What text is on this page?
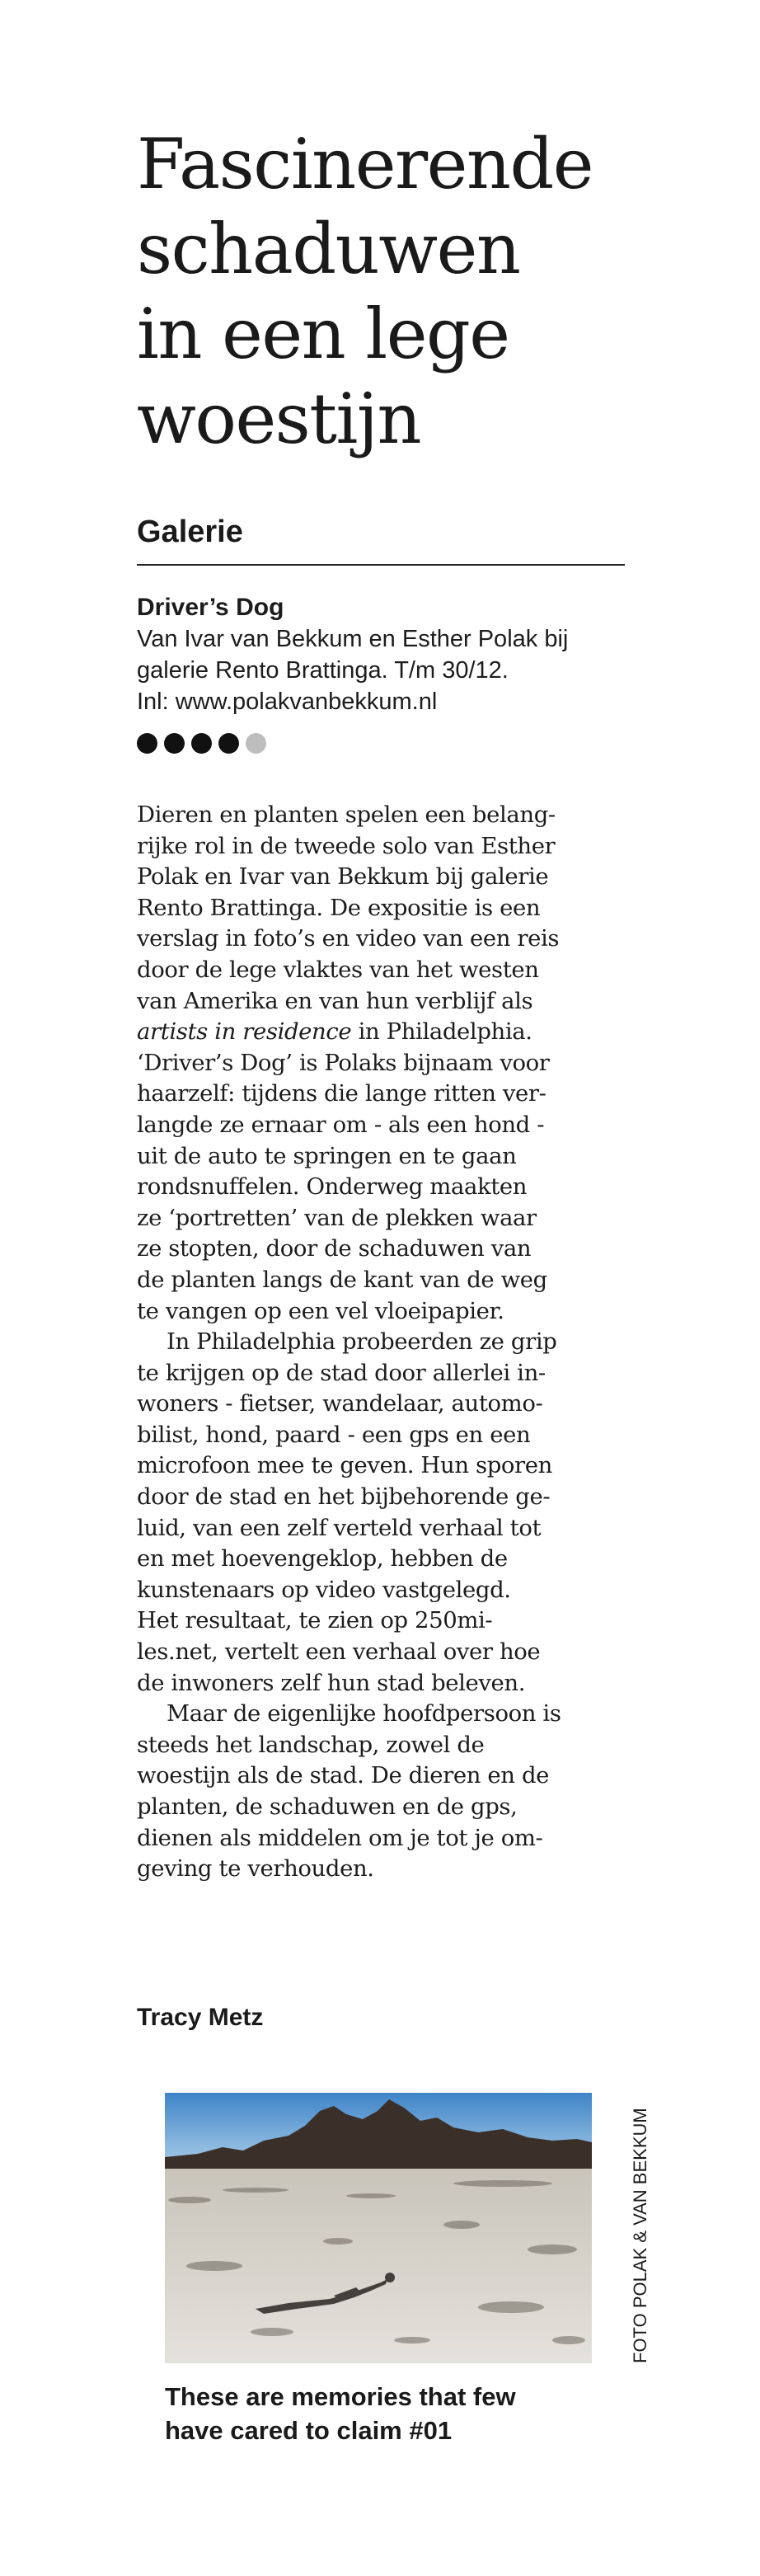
Fascinerende
schaduwen
in een lege
woestijn
Galerie
Driver’s Dog
Van Ivar van Bekkum en Esther Polak bij
galerie Rento Brattinga. T/m 30/12.
Inl: www.polakvanbekkum.nl
Dieren en planten spelen een belang-
rijke rol in de tweede solo van Esther
Polak en Ivar van Bekkum bij galerie
Rento Brattinga. De expositie is een
verslag in foto’s en video van een reis
door de lege vlaktes van het westen
van Amerika en van hun verblijf als
artists in residence in Philadelphia.
‘Driver’s Dog’ is Polaks bijnaam voor
haarzelf: tijdens die lange ritten ver-
langde ze ernaar om - als een hond -
uit de auto te springen en te gaan
rondsnuffelen. Onderweg maakten
ze ‘portretten’ van de plekken waar
ze stopten, door de schaduwen van
de planten langs de kant van de weg
te vangen op een vel vloeipapier.
In Philadelphia probeerden ze grip
te krijgen op de stad door allerlei in-
woners - fietser, wandelaar, automo-
bilist, hond, paard - een gps en een
microfoon mee te geven. Hun sporen
door de stad en het bijbehorende ge-
luid, van een zelf verteld verhaal tot
en met hoevengeklop, hebben de
kunstenaars op video vastgelegd.
Het resultaat, te zien op 250mi-
les.net, vertelt een verhaal over hoe
de inwoners zelf hun stad beleven.
Maar de eigenlijke hoofdpersoon is
steeds het landschap, zowel de
woestijn als de stad. De dieren en de
planten, de schaduwen en de gps,
dienen als middelen om je tot je om-
geving te verhouden.
Tracy Metz
FOTO POLAK & VAN BEKKUM
These are memories that few
have cared to claim #01
